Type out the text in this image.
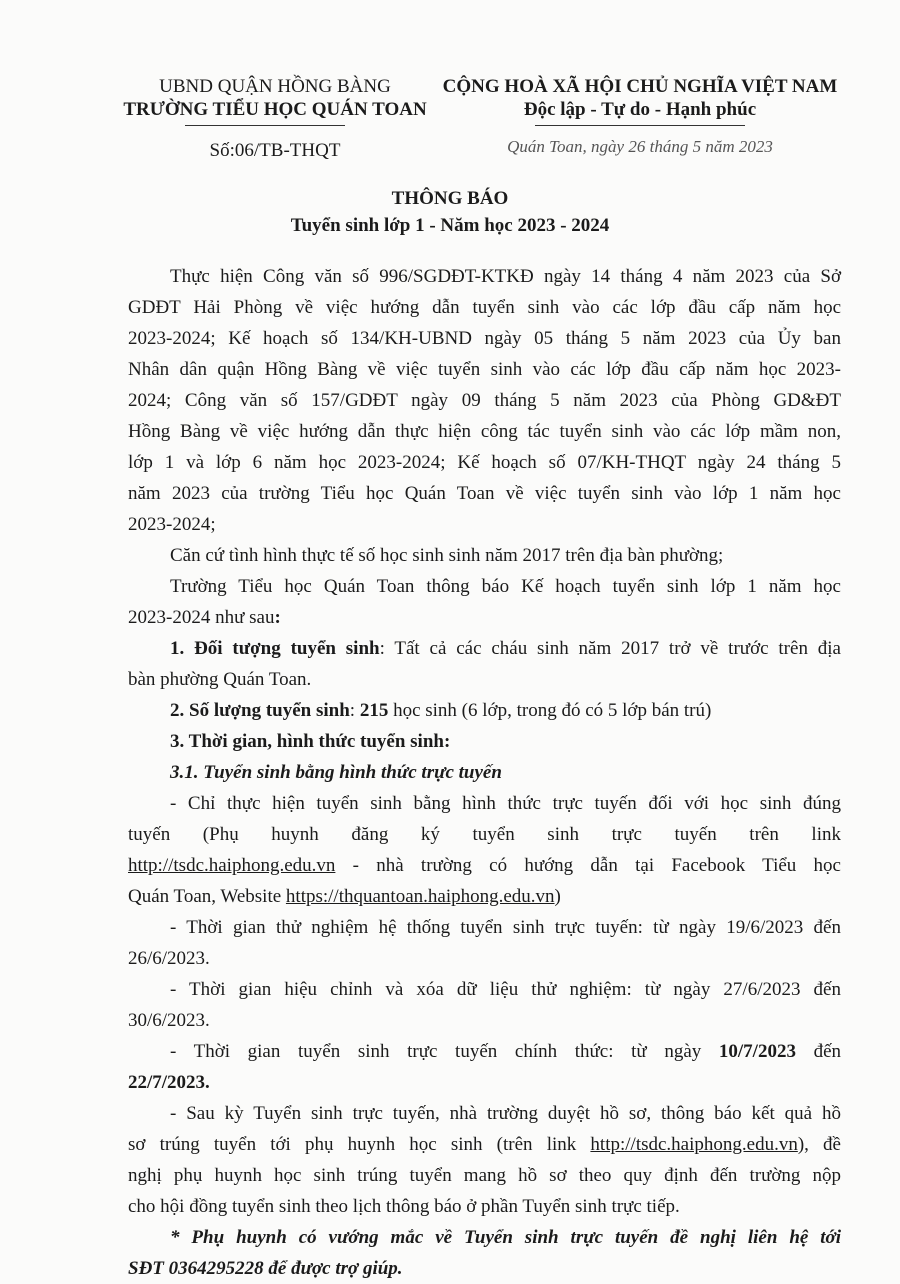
UBND QUẬN HỒNG BÀNG
TRƯỜNG TIỂU HỌC QUÁN TOAN
Số:06/TB-THQT
CỘNG HOÀ XÃ HỘI CHỦ NGHĨA VIỆT NAM
Độc lập - Tự do - Hạnh phúc
Quán Toan, ngày 26 tháng 5 năm 2023
THÔNG BÁO
Tuyển sinh lớp 1 - Năm học 2023 - 2024

Thực hiện Công văn số 996/SGDĐT-KTKĐ ngày 14 tháng 4 năm 2023 của Sở

GDĐT Hải Phòng về việc hướng dẫn tuyển sinh vào các lớp đầu cấp năm học

2023-2024; Kế hoạch số 134/KH-UBND ngày 05 tháng 5 năm 2023 của Ủy ban

Nhân dân quận Hồng Bàng về việc tuyển sinh vào các lớp đầu cấp năm học 2023-

2024; Công văn số 157/GDĐT ngày 09 tháng 5 năm 2023 của Phòng GD&ĐT

Hồng Bàng về việc hướng dẫn thực hiện công tác tuyển sinh vào các lớp mầm non,

lớp 1 và lớp 6 năm học 2023-2024; Kế hoạch số 07/KH-THQT ngày 24 tháng 5

năm 2023 của trường Tiểu học Quán Toan về việc tuyển sinh vào lớp 1 năm học

2023-2024;

Căn cứ tình hình thực tế số học sinh sinh năm 2017 trên địa bàn phường;

Trường Tiểu học Quán Toan thông báo Kế hoạch tuyển sinh lớp 1 năm học

2023-2024 như sau:

1. Đối tượng tuyển sinh: Tất cả các cháu sinh năm 2017 trở về trước trên địa

bàn phường Quán Toan.

2. Số lượng tuyển sinh: 215 học sinh (6 lớp, trong đó có 5 lớp bán trú)

3. Thời gian, hình thức tuyển sinh:

3.1. Tuyển sinh bằng hình thức trực tuyến

- Chỉ thực hiện tuyển sinh bằng hình thức trực tuyến đối với học sinh đúng

tuyến (Phụ huynh đăng ký tuyển sinh trực tuyến trên link

http://tsdc.haiphong.edu.vn - nhà trường có hướng dẫn tại Facebook Tiểu học

Quán Toan, Website https://thquantoan.haiphong.edu.vn)

- Thời gian thử nghiệm hệ thống tuyển sinh trực tuyến: từ ngày 19/6/2023 đến

26/6/2023.

- Thời gian hiệu chỉnh và xóa dữ liệu thử nghiệm: từ ngày 27/6/2023 đến

30/6/2023.

- Thời gian tuyển sinh trực tuyến chính thức: từ ngày 10/7/2023 đến

22/7/2023.

- Sau kỳ Tuyển sinh trực tuyến, nhà trường duyệt hồ sơ, thông báo kết quả hồ

sơ trúng tuyển tới phụ huynh học sinh (trên link http://tsdc.haiphong.edu.vn), đề

nghị phụ huynh học sinh trúng tuyển mang hồ sơ theo quy định đến trường nộp

cho hội đồng tuyển sinh theo lịch thông báo ở phần Tuyển sinh trực tiếp.

* Phụ huynh có vướng mắc về Tuyển sinh trực tuyến đề nghị liên hệ tới

SĐT 0364295228 để được trợ giúp.
